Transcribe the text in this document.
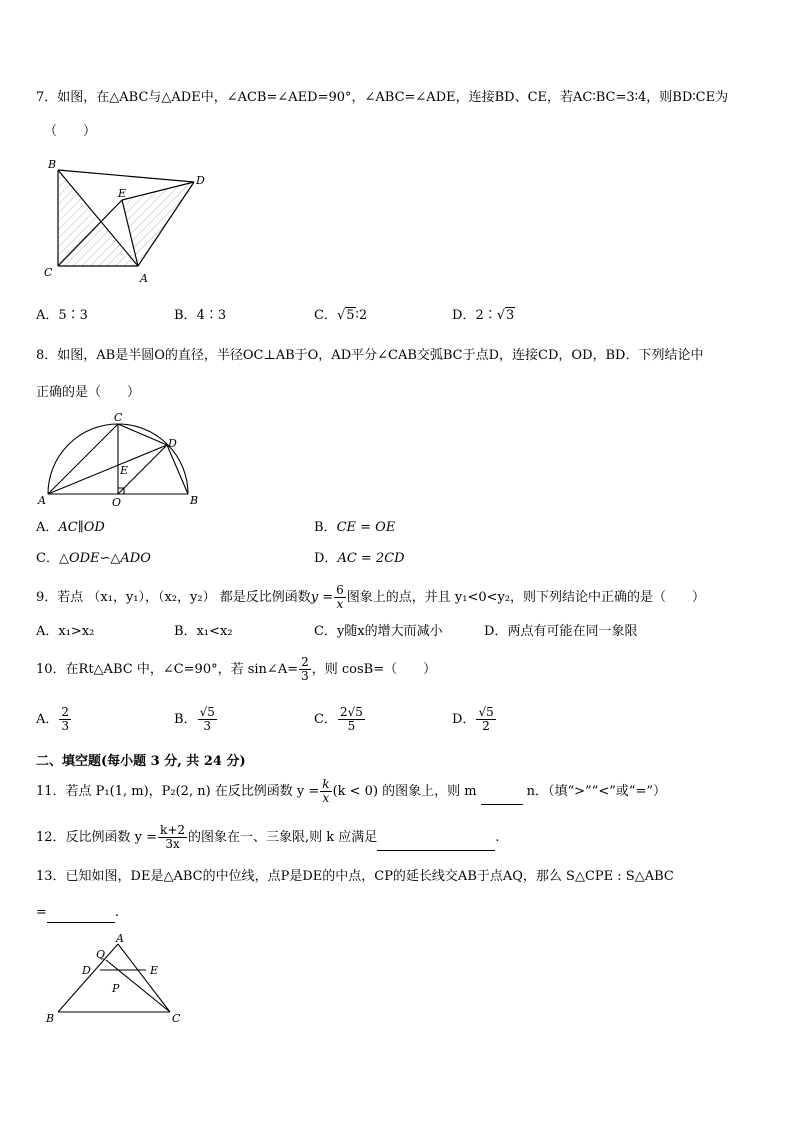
7．如图，在△ABC与△ADE中，∠ACB=∠AED=90°，∠ABC=∠ADE，连接BD、CE，若AC∶BC=3∶4，则BD∶CE为
（　　）
B
C	A
D
E
A．5∶3	B．4∶3	C．√5∶2	D．2∶√3
8．如图，AB是半圆O的直径，半径OC⊥AB于O，AD平分∠CAB交弧BC于点D，连接CD，OD，BD．下列结论中
正确的是（　　）
A	B
C
D
E
O
A．AC∥OD	B．CE = OE
C．△ODE∽△ADO	D．AC = 2CD
9．若点 （x₁，y₁），（x₂，y₂） 都是反比例函数$y = \frac{6}{x}$ 图象上的点，并且 y₁<0<y₂，则下列结论中正确的是（　　）
A．x₁>x₂	B．x₁<x₂	C．y随x的增大而减小	D．两点有可能在同一象限
10．在Rt△ABC 中，∠C=90°，若 sin∠A= $\frac{2}{3}$ ，则 cosB=（　　）
A． $\frac{2}{3}$	B． $\frac{√5}{3}$	C． $\frac{2√5}{5}$	D． $\frac{√5}{2}$
二、填空题(每小题 3 分, 共 24 分)
11．若点 P₁(1, m)，P₂(2, n) 在反比例函数 $y = \frac{k}{x} (k < 0)$ 的图象上，则 m	n．（填“>”“<”或“=”）
12．反比例函数 $y = \frac{k+2}{3x}$ 的图象在一、三象限,则 k 应满足	.
13．已知如图，DE是△ABC的中位线，点P是DE的中点，CP的延长线交AB于点AQ，那么 S△CPE : S△ABC
=	.
A
Q
D	E
P
B	C
